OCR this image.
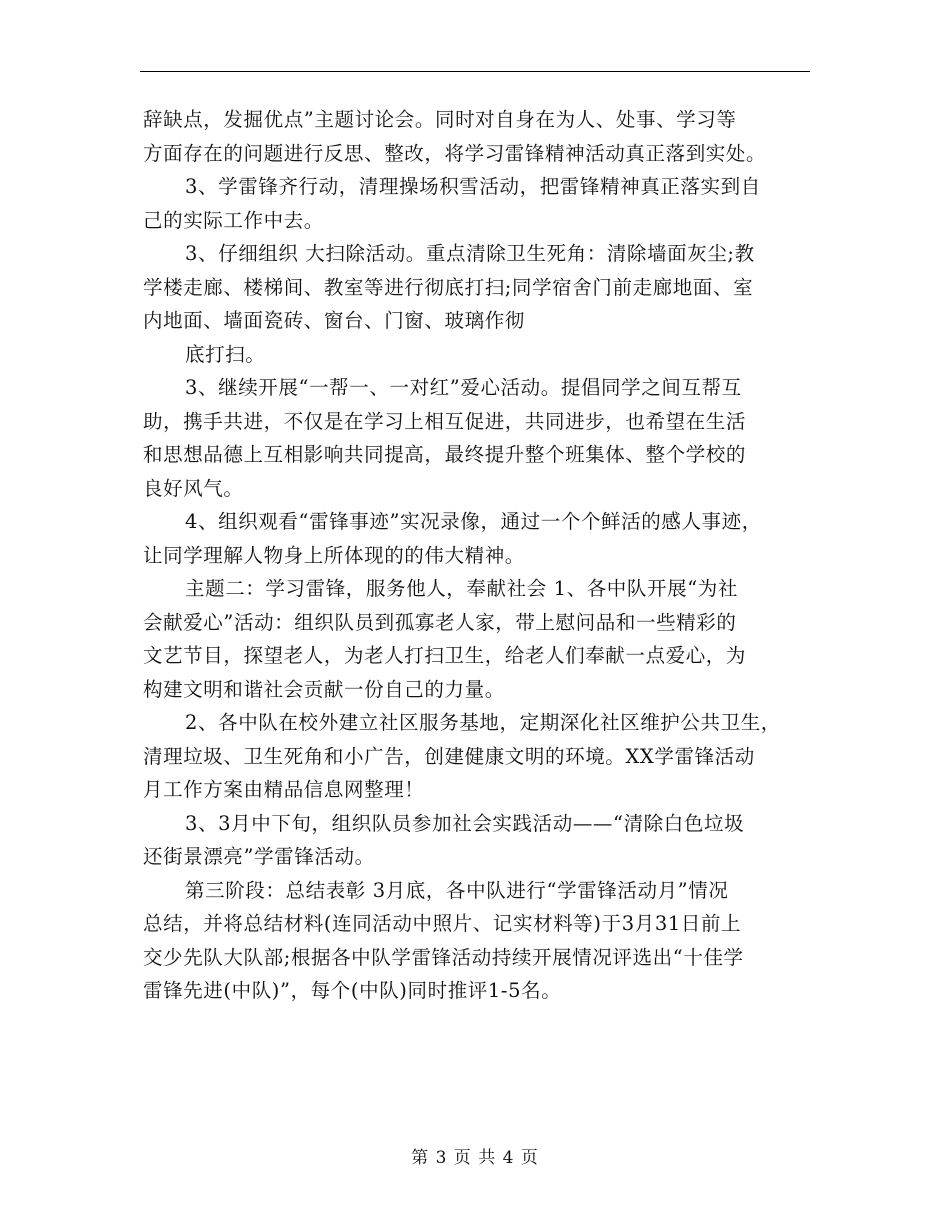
辞缺点，发掘优点”主题讨论会。同时对自身在为人、处事、学习等
方面存在的问题进行反思、整改，将学习雷锋精神活动真正落到实处。
3、学雷锋齐行动，清理操场积雪活动，把雷锋精神真正落实到自
己的实际工作中去。
3、仔细组织 大扫除活动。重点清除卫生死角：清除墙面灰尘;教
学楼走廊、楼梯间、教室等进行彻底打扫;同学宿舍门前走廊地面、室
内地面、墙面瓷砖、窗台、门窗、玻璃作彻
底打扫。
3、继续开展“一帮一、一对红”爱心活动。提倡同学之间互帮互
助，携手共进，不仅是在学习上相互促进，共同进步，也希望在生活
和思想品德上互相影响共同提高，最终提升整个班集体、整个学校的
良好风气。
4、组织观看“雷锋事迹”实况录像，通过一个个鲜活的感人事迹，
让同学理解人物身上所体现的的伟大精神。
主题二：学习雷锋，服务他人，奉献社会 1、各中队开展“为社
会献爱心”活动：组织队员到孤寡老人家，带上慰问品和一些精彩的
文艺节目，探望老人，为老人打扫卫生，给老人们奉献一点爱心，为
构建文明和谐社会贡献一份自己的力量。
2、各中队在校外建立社区服务基地，定期深化社区维护公共卫生，
清理垃圾、卫生死角和小广告，创建健康文明的环境。XX学雷锋活动
月工作方案由精品信息网整理！
3、3月中下旬，组织队员参加社会实践活动——“清除白色垃圾
还街景漂亮”学雷锋活动。
第三阶段：总结表彰 3月底，各中队进行“学雷锋活动月”情况
总结，并将总结材料(连同活动中照片、记实材料等)于3月31日前上
交少先队大队部;根据各中队学雷锋活动持续开展情况评选出“十佳学
雷锋先进(中队)”，每个(中队)同时推评1-5名。
第 3 页 共 4 页
